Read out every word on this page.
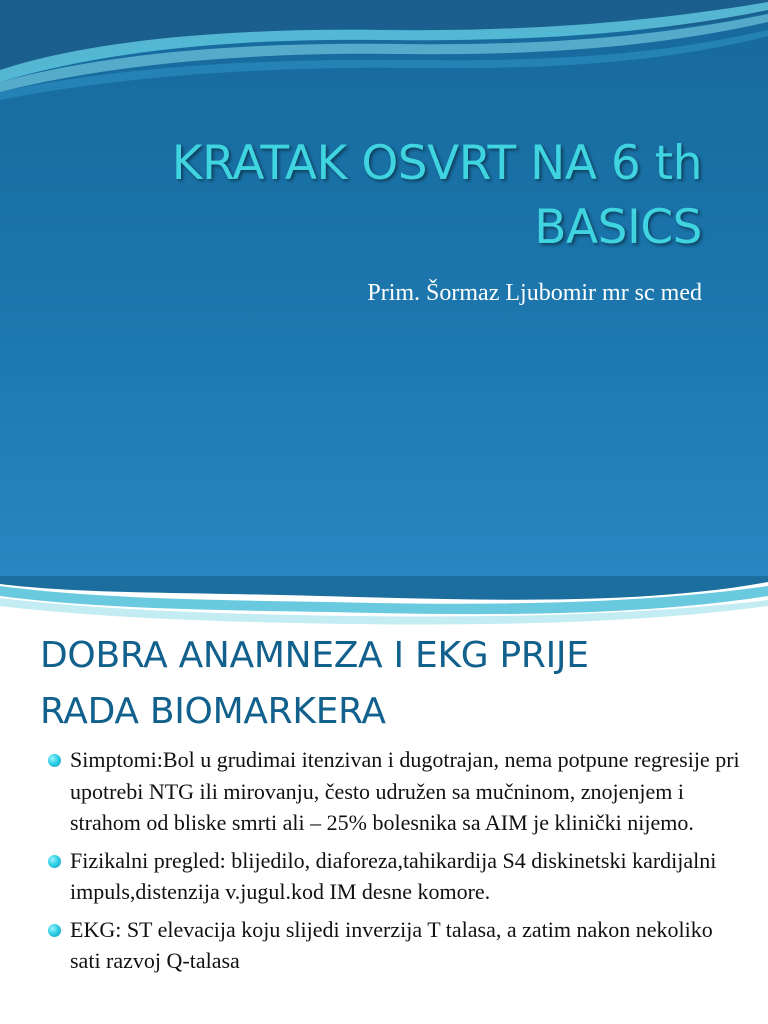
KRATAK OSVRT NA 6 th
BASICS
Prim. Šormaz Ljubomir mr sc med
DOBRA ANAMNEZA I EKG PRIJE
RADA BIOMARKERA
Simptomi:Bol u grudimai itenzivan i dugotrajan, nema potpune regresije pri upotrebi NTG ili mirovanju, često udružen sa mučninom, znojenjem i strahom od bliske smrti ali – 25% bolesnika sa AIM je klinički nijemo.
Fizikalni pregled: blijedilo, diaforeza,tahikardija S4 diskinetski kardijalni impuls,distenzija v.jugul.kod IM desne komore.
EKG: ST elevacija koju slijedi inverzija T talasa, a zatim nakon nekoliko sati razvoj Q-talasa
